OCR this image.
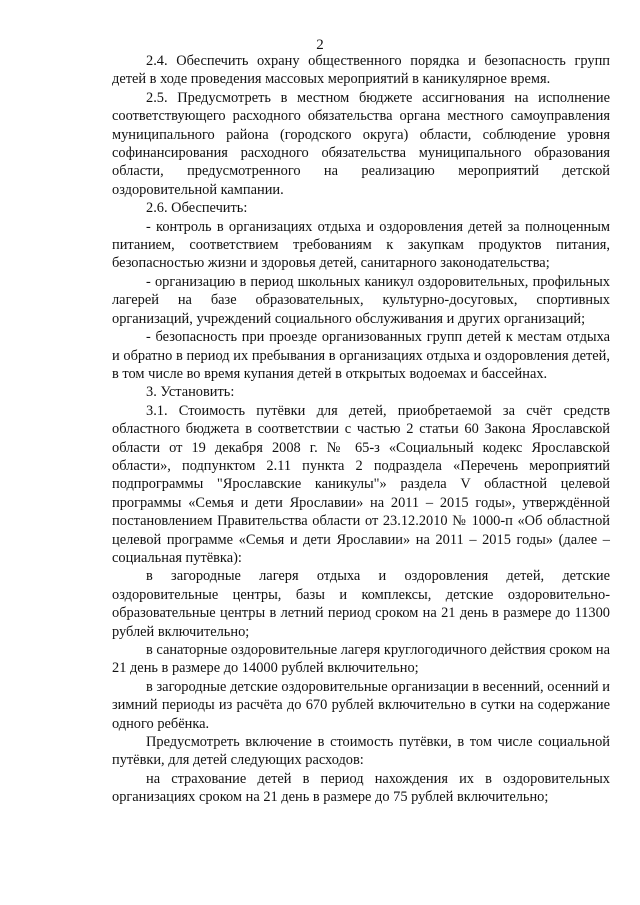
2

2.4. Обеспечить охрану общественного порядка и безопасность групп детей в ходе проведения массовых мероприятий в каникулярное время.

2.5. Предусмотреть в местном бюджете ассигнования на исполнение соответствующего расходного обязательства органа местного самоуправления муниципального района (городского округа) области, соблюдение уровня софинансирования расходного обязательства муниципального образования области, предусмотренного на реализацию мероприятий детской оздоровительной кампании.

2.6. Обеспечить:

- контроль в организациях отдыха и оздоровления детей за полноценным питанием, соответствием требованиям к закупкам продуктов питания, безопасностью жизни и здоровья детей, санитарного законодательства;

- организацию в период школьных каникул оздоровительных, профильных лагерей на базе образовательных, культурно-досуговых, спортивных организаций, учреждений социального обслуживания и других организаций;

- безопасность при проезде организованных групп детей к местам отдыха и обратно в период их пребывания в организациях отдыха и оздоровления детей, в том числе во время купания детей в открытых водоемах и бассейнах.

3. Установить:

3.1. Стоимость путёвки для детей, приобретаемой за счёт средств областного бюджета в соответствии с частью 2 статьи 60 Закона Ярославской области от 19 декабря 2008 г. № 65-з «Социальный кодекс Ярославской области», подпунктом 2.11 пункта 2 подраздела «Перечень мероприятий подпрограммы "Ярославские каникулы"» раздела V областной целевой программы «Семья и дети Ярославии» на 2011 – 2015 годы», утверждённой постановлением Правительства области от 23.12.2010 № 1000-п «Об областной целевой программе «Семья и дети Ярославии» на 2011 – 2015 годы» (далее – социальная путёвка):

в загородные лагеря отдыха и оздоровления детей, детские оздоровительные центры, базы и комплексы, детские оздоровительно-образовательные центры в летний период сроком на 21 день в размере до 11300 рублей включительно;

в санаторные оздоровительные лагеря круглогодичного действия сроком на 21 день в размере до 14000 рублей включительно;

в загородные детские оздоровительные организации в весенний, осенний и зимний периоды из расчёта до 670 рублей включительно в сутки на содержание одного ребёнка.

Предусмотреть включение в стоимость путёвки, в том числе социальной путёвки, для детей следующих расходов:

на страхование детей в период нахождения их в оздоровительных организациях сроком на 21 день в размере до 75 рублей включительно;
